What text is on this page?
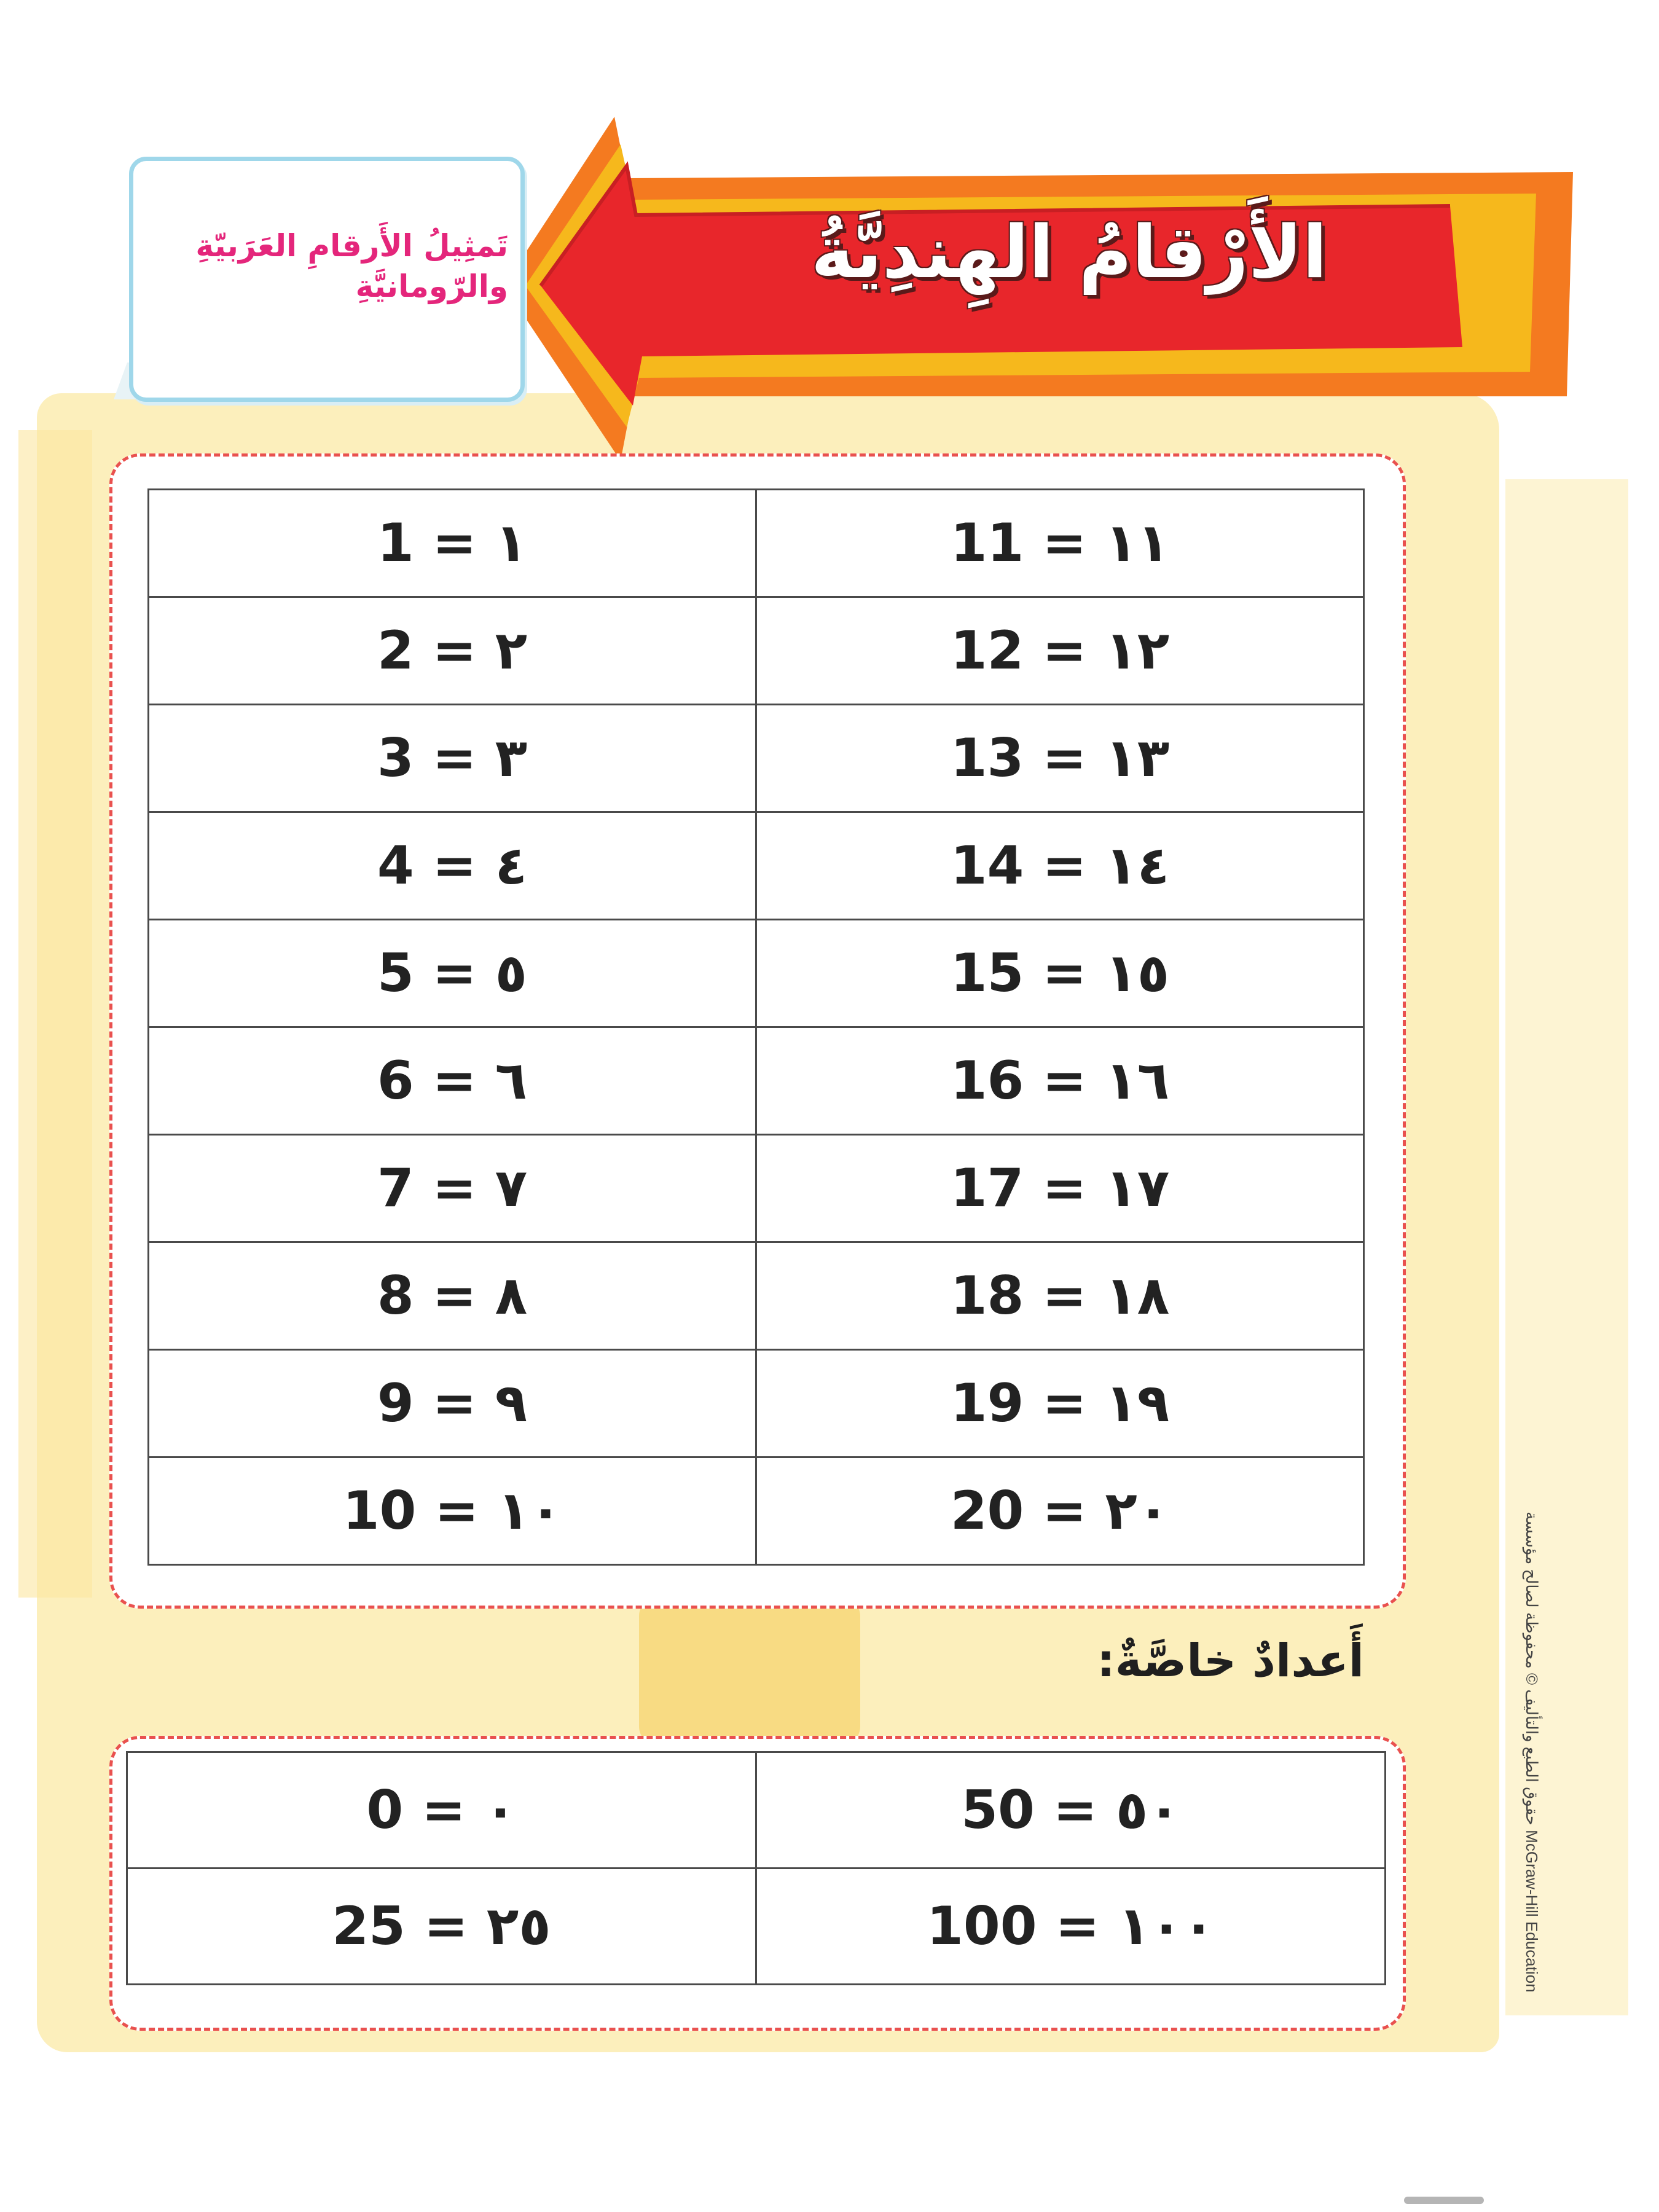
الأَرْقامُ الهِندِيَّةُ
تَمثِيلُ الأَرقامِ العَرَبيّةِ والرّومانيَّةِ
1 = ١	11 = ١١
2 = ٢	12 = ١٢
3 = ٣	13 = ١٣
4 = ٤	14 = ١٤
5 = ٥	15 = ١٥
6 = ٦	16 = ١٦
7 = ٧	17 = ١٧
8 = ٨	18 = ١٨
9 = ٩	19 = ١٩
10 = ١٠	20 = ٢٠
أَعدادٌ خاصَّةٌ:
0 = ٠	50 = ٥٠
25 = ٢٥	100 = ١٠٠
حقوق الطبع والتأليف © محفوظة لصالح مؤسسة McGraw-Hill Education
